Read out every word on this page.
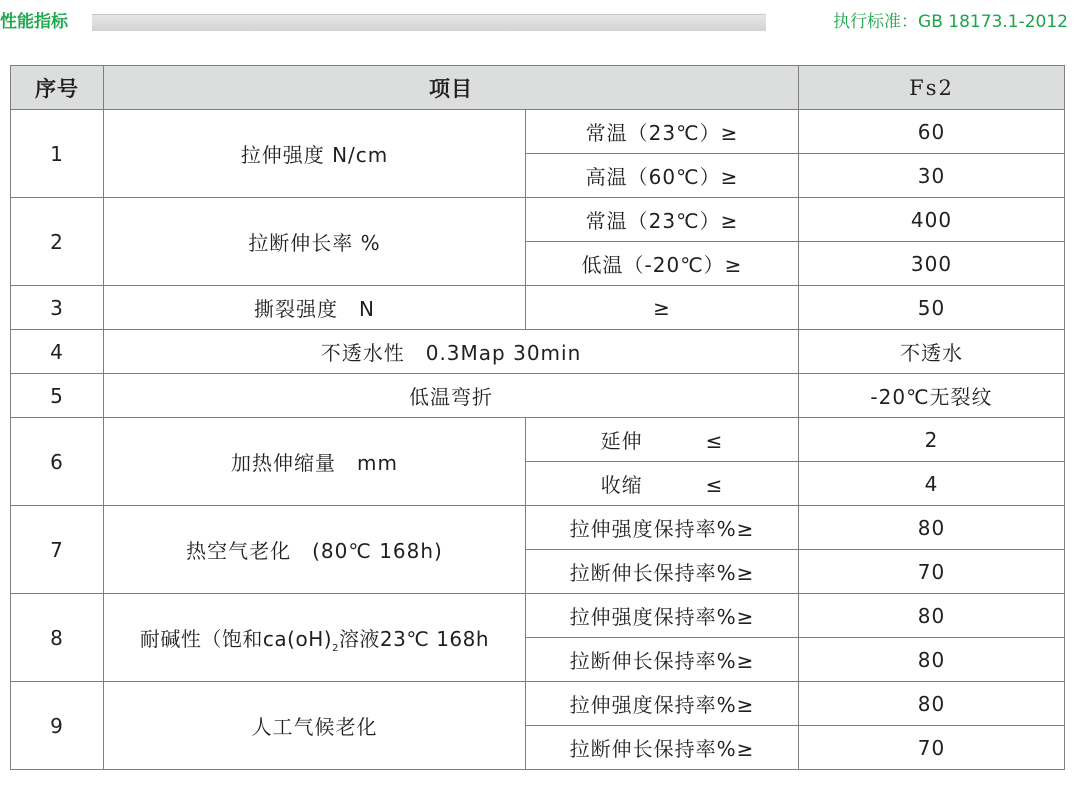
性能指标	执行标准：GB 18173.1-2012
序号	项目		Fs2
1	拉伸强度 N/cm	常温（23℃）≥	60
		高温（60℃）≥	30
2	拉断伸长率 %	常温（23℃）≥	400
		低温（-20℃）≥	300
3	撕裂强度　N	≥	50
4	不透水性　0.3Map 30min		不透水
5	低温弯折		-20℃无裂纹
6	加热伸缩量　mm	延伸　　　≤	2
		收缩　　　≤	4
7	热空气老化　(80℃ 168h)	拉伸强度保持率%≥	80
		拉断伸长保持率%≥	70
8	耐碱性（饱和$ca(oH)_2$溶液23℃ 168h	拉伸强度保持率%≥	80
		拉断伸长保持率%≥	80
9	人工气候老化	拉伸强度保持率%≥	80
		拉断伸长保持率%≥	70
